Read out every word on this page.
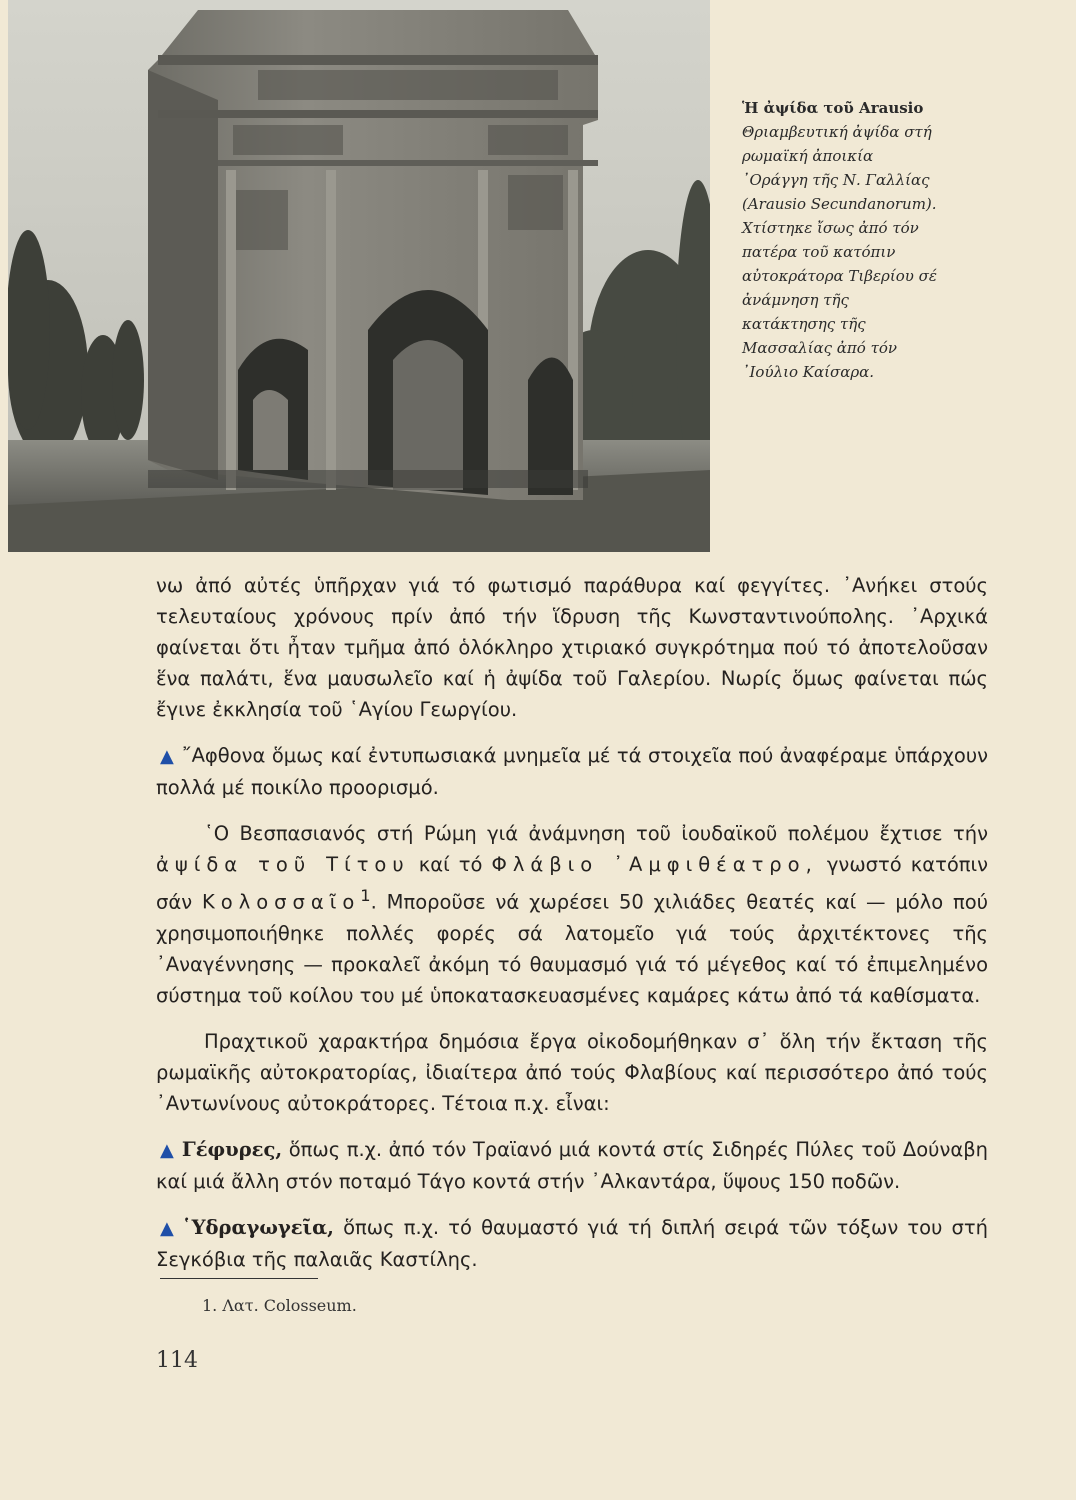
Ἡ ἀψίδα τοῦ Arausio
Θριαμβευτική ἀψίδα στή ρωμαϊκή ἀποικία ᾿Οράγγη τῆς Ν. Γαλλίας (Arausio Secundanorum). Χτίστηκε ἴσως ἀπό τόν πατέρα τοῦ κατόπιν αὐτοκράτορα Τιβερίου σέ ἀνάμνηση τῆς κατάκτησης τῆς Μασσαλίας ἀπό τόν ᾿Ιούλιο Καίσαρα.

νω ἀπό αὐτές ὑπῆρχαν γιά τό φωτισμό παράθυρα καί φεγγίτες. ᾿Ανήκει στούς τελευταίους χρόνους πρίν ἀπό τήν ἵδρυση τῆς Κωνσταντινούπολης. ᾿Αρχικά φαίνεται ὅτι ἦταν τμῆμα ἀπό ὁλόκληρο χτιριακό συγκρότημα πού τό ἀποτελοῦσαν ἕνα παλάτι, ἕνα μαυσωλεῖο καί ἡ ἀψίδα τοῦ Γαλερίου. Νωρίς ὅμως φαίνεται πώς ἔγινε ἐκκλησία τοῦ ῾Αγίου Γεωργίου.

▲ ῎Αφθονα ὅμως καί ἐντυπωσιακά μνημεῖα μέ τά στοιχεῖα πού ἀναφέραμε ὑπάρχουν πολλά μέ ποικίλο προορισμό.

῾Ο Βεσπασιανός στή Ρώμη γιά ἀνάμνηση τοῦ ἰουδαϊκοῦ πολέμου ἔχτισε τήν ἀψίδα τοῦ Τίτου καί τό Φλάβιο ᾿Αμφιθέατρο, γνωστό κατόπιν σάν Κολοσσαῖο$^1$. Μποροῦσε νά χωρέσει 50 χιλιάδες θεατές καί — μόλο πού χρησιμοποιήθηκε πολλές φορές σά λατομεῖο γιά τούς ἀρχιτέκτονες τῆς ᾿Αναγέννησης — προκαλεῖ ἀκόμη τό θαυμασμό γιά τό μέγεθος καί τό ἐπιμελημένο σύστημα τοῦ κοίλου του μέ ὑποκατασκευασμένες καμάρες κάτω ἀπό τά καθίσματα.

Πραχτικοῦ χαρακτήρα δημόσια ἔργα οἰκοδομήθηκαν σ᾿ ὅλη τήν ἔκταση τῆς ρωμαϊκῆς αὐτοκρατορίας, ἰδιαίτερα ἀπό τούς Φλαβίους καί περισσότερο ἀπό τούς ᾿Αντωνίνους αὐτοκράτορες. Τέτοια π.χ. εἶναι:

▲ Γέφυρες, ὅπως π.χ. ἀπό τόν Τραϊανό μιά κοντά στίς Σιδηρές Πύλες τοῦ Δούναβη καί μιά ἄλλη στόν ποταμό Τάγο κοντά στήν ᾿Αλκαντάρα, ὕψους 150 ποδῶν.

▲ ῾Υδραγωγεῖα, ὅπως π.χ. τό θαυμαστό γιά τή διπλή σειρά τῶν τόξων του στή Σεγκόβια τῆς παλαιᾶς Καστίλης.

1. Λατ. Colosseum.
114
